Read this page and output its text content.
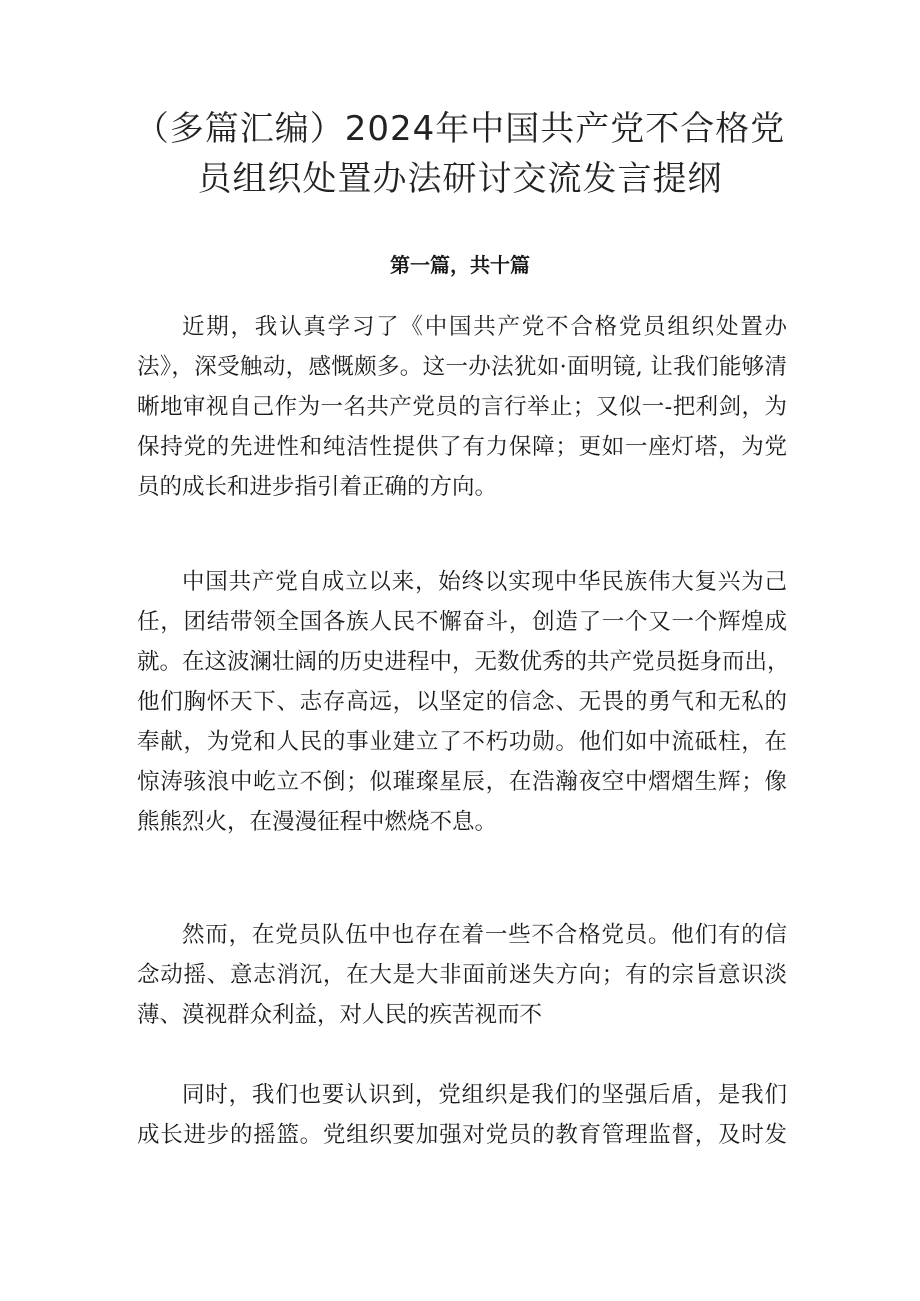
（多篇汇编）2024年中国共产党不合格党
员组织处置办法研讨交流发言提纲
第一篇，共十篇
近期，我认真学习了《中国共产党不合格党员组织处置办
法》，深受触动，感慨颇多。这一办法犹如·面明镜, 让我们能够清
晰地审视自己作为一名共产党员的言行举止；又似一-把利剑，为
保持党的先进性和纯洁性提供了有力保障；更如一座灯塔，为党
员的成长和进步指引着正确的方向。
中国共产党自成立以来，始终以实现中华民族伟大复兴为己
任，团结带领全国各族人民不懈奋斗，创造了一个又一个辉煌成
就。在这波澜壮阔的历史进程中，无数优秀的共产党员挺身而出，
他们胸怀天下、志存高远，以坚定的信念、无畏的勇气和无私的
奉献，为党和人民的事业建立了不朽功勋。他们如中流砥柱，在
惊涛骇浪中屹立不倒；似璀璨星辰，在浩瀚夜空中熠熠生辉；像
熊熊烈火，在漫漫征程中燃烧不息。
然而，在党员队伍中也存在着一些不合格党员。他们有的信
念动摇、意志消沉，在大是大非面前迷失方向；有的宗旨意识淡
薄、漠视群众利益，对人民的疾苦视而不
同时，我们也要认识到，党组织是我们的坚强后盾，是我们
成长进步的摇篮。党组织要加强对党员的教育管理监督，及时发
